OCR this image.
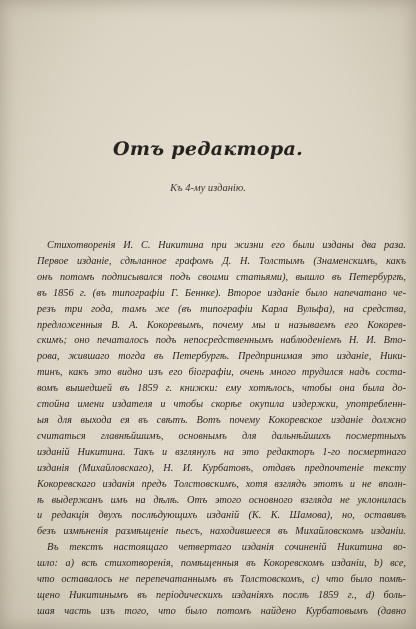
Отъ редактора.
Къ 4-му изданію.
Стихотворенія И. С. Никитина при жизни его были изданы два раза.
Первое изданіе, сдѣланное графомъ Д. Н. Толстымъ (Знаменскимъ, какъ
онъ потомъ подписывался подъ своими статьями), вышло въ Петербургѣ,
въ 1856 г. (въ типографіи Г. Беннке). Второе изданіе было напечатано че-
резъ три года, тамъ же (въ типографіи Карла Вульфа), на средства,
предложенныя В. А. Кокоревымъ, почему мы и называемъ его Кокорев-
скимъ; оно печаталось подъ непосредственнымъ наблюденіемъ Н. И. Вто-
рова, жившаго тогда въ Петербургѣ. Предпринимая это изданіе, Ники-
тинъ, какъ это видно изъ его біографіи, очень много трудился надъ соста-
вомъ вышедшей въ 1859 г. книжки: ему хотѣлось, чтобы она была до-
стойна имени издателя и чтобы скорѣе окупила издержки, употребленн-
ыя для выхода ея въ свѣтъ. Вотъ почему Кокоревское изданіе должно
считаться главнѣйшимъ, основнымъ для дальнѣйшихъ посмертныхъ
изданій Никитина. Такъ и взглянулъ на это редакторъ 1-го посмертнаго
изданія (Михайловскаго), Н. И. Курбатовъ, отдавъ предпочтеніе тексту
Кокоревскаго изданія предъ Толстовскимъ, хотя взглядъ этотъ и не вполн-
ѣ выдержанъ имъ на дѣлѣ. Отъ этого основного взгляда не уклонилась
и редакція двухъ послѣдующихъ изданій (К. К. Шамова), но, оставивъ
безъ измѣненія размѣщеніе пьесъ, находившееся въ Михайловскомъ изданіи.
Въ текстъ настоящаго четвертаго изданія сочиненій Никитина во-
шло: а) всѣ стихотворенія, помѣщенныя въ Кокоревскомъ изданіи, b) все,
что оставалось не перепечатаннымъ въ Толстовскомъ, с) что было помѣ-
щено Никитинымъ въ періодическихъ изданіяхъ послѣ 1859 г., d) боль-
шая часть изъ того, что было потомъ найдено Курбатовымъ (давно
